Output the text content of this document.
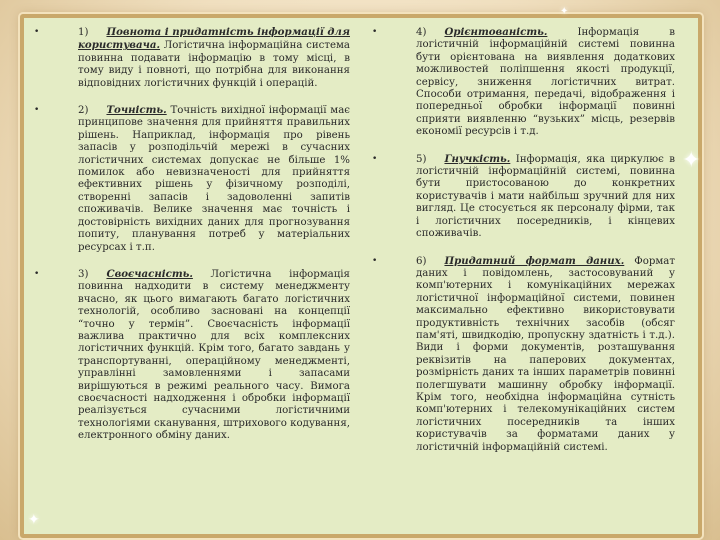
✦
✦
✦
•	1) Повнота і придатність інформації для користувача. Логістична інформаційна система повинна подавати інформацію в тому місці, в тому виду і повноті, що потрібна для виконання відповідних логістичних функцій і операцій.
•	2) Точність. Точність вихідної інформації має принципове значення для прийняття правильних рішень. Наприклад, інформація про рівень запасів у розподільчій мережі в сучасних логістичних системах допускає не більше 1% помилок або невизначеності для прийняття ефективних рішень у фізичному розподілі, створенні запасів і задоволенні запитів споживачів. Велике значення має точність і достовірність вихідних даних для прогнозування попиту, планування потреб у матеріальних ресурсах і т.п.
•	3) Своєчасність. Логістична інформація повинна надходити в систему менеджменту вчасно, як цього вимагають багато логістичних технологій, особливо засновані на концепції “точно у термін”. Своєчасність інформації важлива практично для всіх комплексних логістичних функцій. Крім того, багато завдань у транспортуванні, операційному менеджменті, управлінні замовленнями і запасами вирішуються в режимі реального часу. Вимога своєчасності надходження і обробки інформації реалізується сучасними логістичними технологіями сканування, штрихового кодування, електронного обміну даних.
•	4) Орієнтованість. Інформація в логістичній інформаційній системі повинна бути орієнтована на виявлення додаткових можливостей поліпшення якості продукції, сервісу, зниження логістичних витрат. Способи отримання, передачі, відображення і попередньої обробки інформації повинні сприяти виявленню “вузьких” місць, резервів економії ресурсів і т.д.
•	5) Гнучкість. Інформація, яка циркулює в логістичній інформаційній системі, повинна бути пристосованою до конкретних користувачів і мати найбільш зручний для них вигляд. Це стосується як персоналу фірми, так і логістичних посередників, і кінцевих споживачів.
•	6) Придатний формат даних. Формат даних і повідомлень, застосовуваний у комп'ютерних і комунікаційних мережах логістичної інформаційної системи, повинен максимально ефективно використовувати продуктивність технічних засобів (обсяг пам'яті, швидкодію, пропускну здатність і т.д.). Види і форми документів, розташування реквізитів на паперових документах, розмірність даних та інших параметрів повинні полегшувати машинну обробку інформації. Крім того, необхідна інформаційна сутність комп'ютерних і телекомунікаційних систем логістичних посередників та інших користувачів за форматами даних у логістичній інформаційній системі.
